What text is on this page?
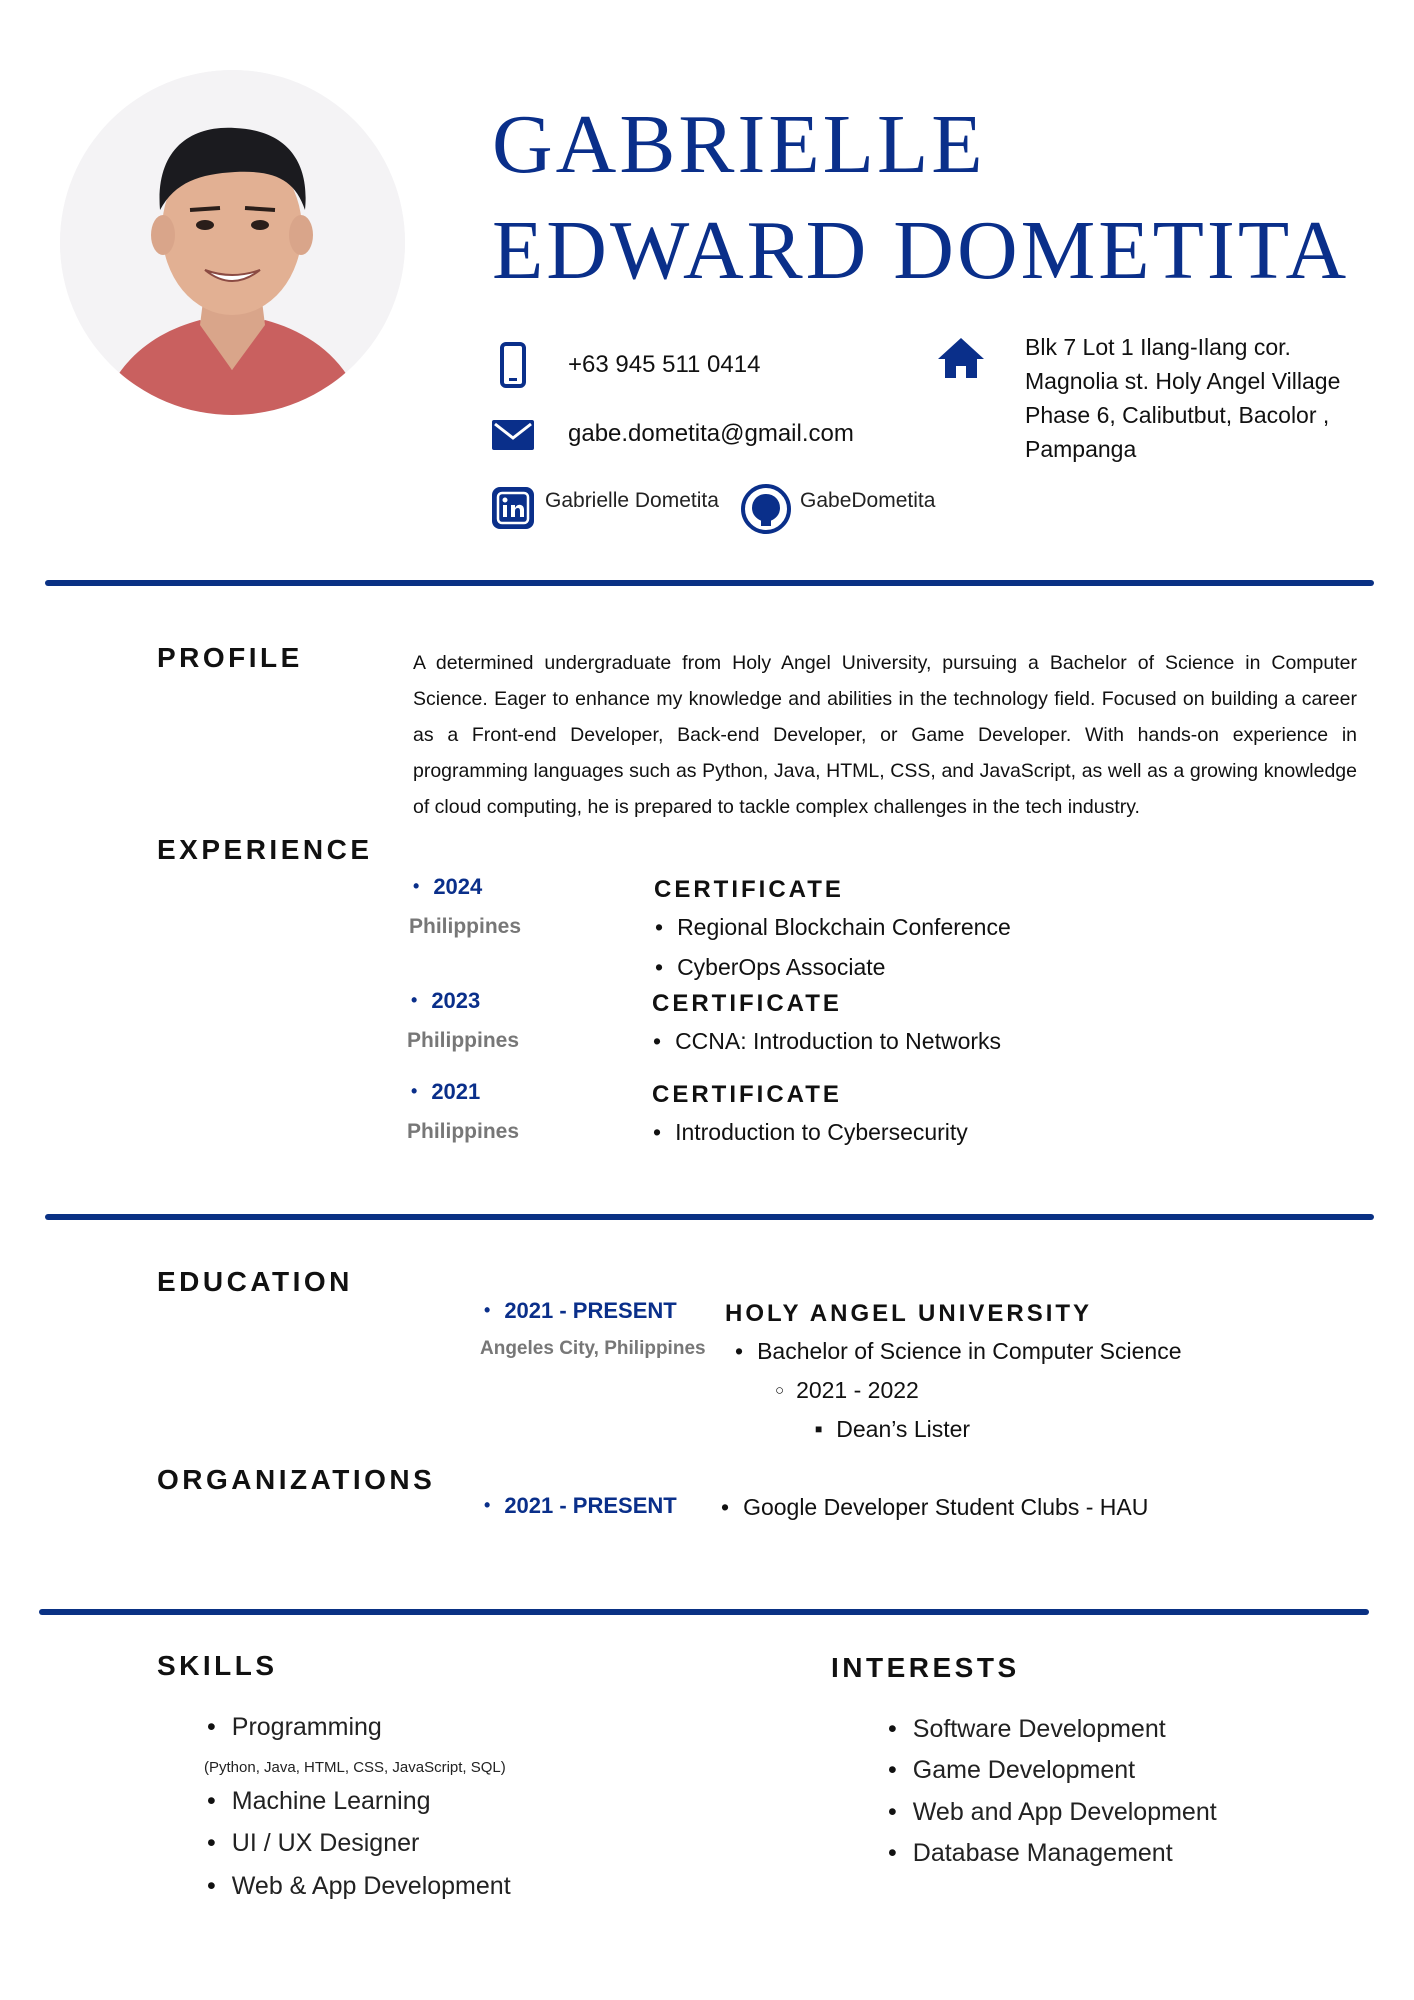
GABRIELLE
EDWARD DOMETITA
+63 945 511 0414
gabe.dometita@gmail.com
Gabrielle Dometita	GabeDometita
Blk 7 Lot 1 Ilang-Ilang cor.
Magnolia st. Holy Angel Village
Phase 6, Calibutbut, Bacolor ,
Pampanga
PROFILE	A determined undergraduate from Holy Angel University, pursuing a Bachelor of Science in Computer Science. Eager to enhance my knowledge and abilities in the technology field. Focused on building a career as a Front-end Developer, Back-end Developer, or Game Developer. With hands-on experience in programming languages such as Python, Java, HTML, CSS, and JavaScript, as well as a growing knowledge of cloud computing, he is prepared to tackle complex challenges in the tech industry.
EXPERIENCE
• 2024
Philippines
CERTIFICATE
• Regional Blockchain Conference
• CyberOps Associate
• 2023
Philippines
CERTIFICATE
• CCNA: Introduction to Networks
• 2021
Philippines
CERTIFICATE
• Introduction to Cybersecurity
EDUCATION
• 2021 - PRESENT
Angeles City, Philippines
HOLY ANGEL UNIVERSITY
• Bachelor of Science in Computer Science
○ 2021 - 2022
■ Dean’s Lister
ORGANIZATIONS
• 2021 - PRESENT
•	Google Developer Student Clubs - HAU
SKILLS
• Programming
(Python, Java, HTML, CSS, JavaScript, SQL)
• Machine Learning
• UI / UX Designer
• Web & App Development
INTERESTS
• Software Development
• Game Development
• Web and App Development
• Database Management
